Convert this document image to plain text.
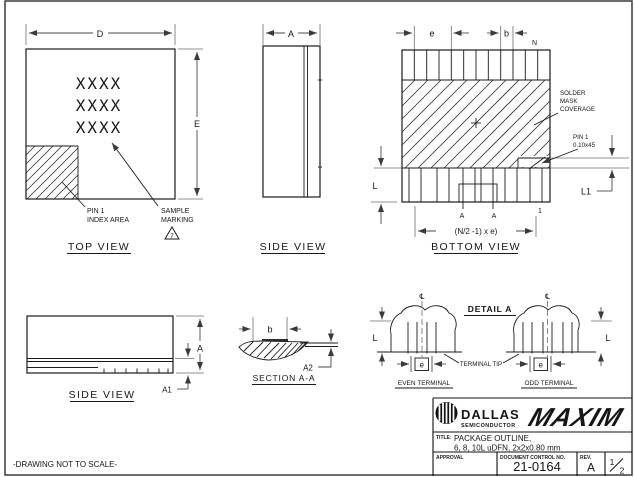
D
XXXX
XXXX
XXXX
PIN 1
INDEX AREA
SAMPLE
MARKING
7
E
TOP VIEW
A
SIDE VIEW
e	b
N
L
L1
PIN 1
0.10x45
SOLDER
MASK
COVERAGE
A	A
1
(N/2 -1) x e)
BOTTOM VIEW
A
A1
SIDE VIEW
b
A2
SECTION A-A
DETAIL A
℄
L
e
EVEN TERMINAL
TERMINAL TIP
℄
L
e
ODD TERMINAL
DALLAS
SEMICONDUCTOR MAXIM
TITLE: PACKAGE OUTLINE,
6, 8, 10L uDFN, 2x2x0.80 mm
APPROVAL	DOCUMENT CONTROL NO.
21-0164
REV.
A 1
2
-DRAWING NOT TO SCALE-
